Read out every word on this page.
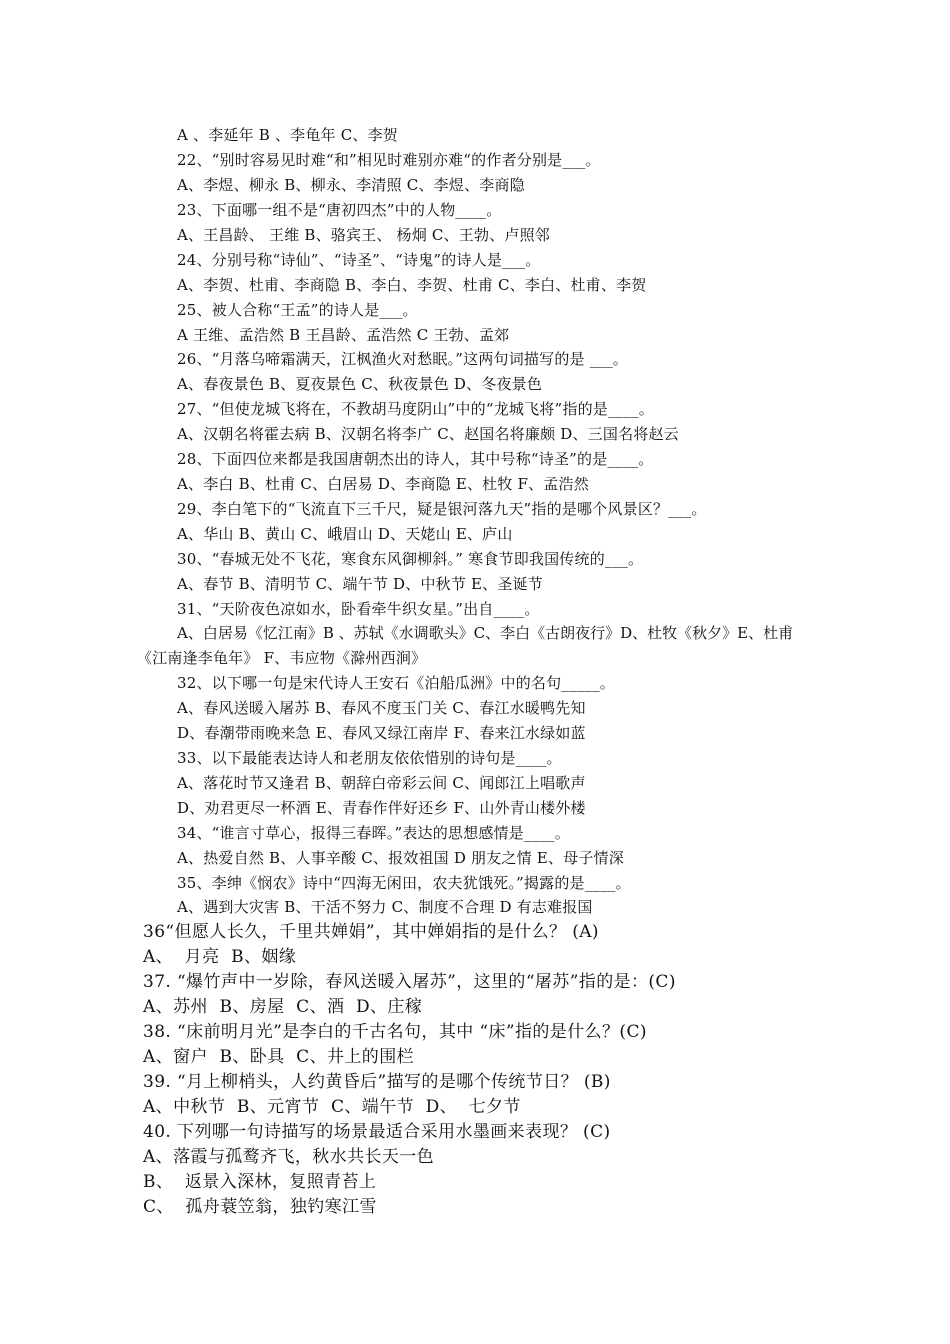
A 、李延年 B 、李龟年 C、李贺
22、“别时容易见时难“和”相见时难别亦难“的作者分别是___。
A、李煜、柳永 B、柳永、李清照 C、李煜、李商隐
23、下面哪一组不是“唐初四杰”中的人物____。
A、王昌龄、 王维 B、骆宾王、 杨炯 C、王勃、卢照邻
24、分别号称“诗仙”、“诗圣”、“诗鬼”的诗人是___。
A、李贺、杜甫、李商隐 B、李白、李贺、杜甫 C、李白、杜甫、李贺
25、被人合称“王孟”的诗人是___。
A 王维、孟浩然 B 王昌龄、孟浩然 C 王勃、孟郊
26、“月落乌啼霜满天，江枫渔火对愁眠。”这两句词描写的是 ___。
A、春夜景色 B、夏夜景色 C、秋夜景色 D、冬夜景色
27、“但使龙城飞将在，不教胡马度阴山”中的“龙城飞将”指的是____。
A、汉朝名将霍去病 B、汉朝名将李广 C、赵国名将廉颇 D、三国名将赵云
28、下面四位来都是我国唐朝杰出的诗人，其中号称“诗圣”的是____。
A、李白 B、杜甫 C、白居易 D、李商隐 E、杜牧 F、孟浩然
29、李白笔下的“飞流直下三千尺，疑是银河落九天”指的是哪个风景区？___。
A、华山 B、黄山 C、峨眉山 D、天姥山 E、庐山
30、“春城无处不飞花，寒食东风御柳斜。” 寒食节即我国传统的___。
A、春节 B、清明节 C、端午节 D、中秋节 E、圣诞节
31、“天阶夜色凉如水，卧看牵牛织女星。”出自____。
A、白居易《忆江南》B 、苏轼《水调歌头》C、李白《古朗夜行》D、杜牧《秋夕》E、杜甫
《江南逢李龟年》 F、韦应物《滁州西涧》
32、以下哪一句是宋代诗人王安石《泊船瓜洲》中的名句_____。
A、春风送暖入屠苏 B、春风不度玉门关 C、春江水暖鸭先知
D、春潮带雨晚来急 E、春风又绿江南岸 F、春来江水绿如蓝
33、以下最能表达诗人和老朋友依依惜别的诗句是____。
A、落花时节又逢君 B、朝辞白帝彩云间 C、闻郎江上唱歌声
D、劝君更尽一杯酒 E、青春作伴好还乡 F、山外青山楼外楼
34、“谁言寸草心，报得三春晖。”表达的思想感情是____。
A、热爱自然 B、人事辛酸 C、报效祖国 D 朋友之情 E、母子情深
35、李绅《悯农》诗中“四海无闲田，农夫犹饿死。”揭露的是____。
A、遇到大灾害 B、干活不努力 C、制度不合理 D 有志难报国
36“但愿人长久，千里共婵娟”，其中婵娟指的是什么？ (A)
A、  月亮  B、姻缘
37. “爆竹声中一岁除，春风送暖入屠苏”，这里的“屠苏”指的是：(C)
A、苏州  B、房屋  C、酒  D、庄稼
38. “床前明月光”是李白的千古名句，其中 “床”指的是什么？(C)
A、窗户  B、卧具  C、井上的围栏
39. “月上柳梢头，人约黄昏后”描写的是哪个传统节日？ (B)
A、中秋节  B、元宵节  C、端午节  D、  七夕节
40. 下列哪一句诗描写的场景最适合采用水墨画来表现？ (C)
A、落霞与孤鹜齐飞，秋水共长天一色
B、  返景入深林，复照青苔上
C、  孤舟蓑笠翁，独钓寒江雪
